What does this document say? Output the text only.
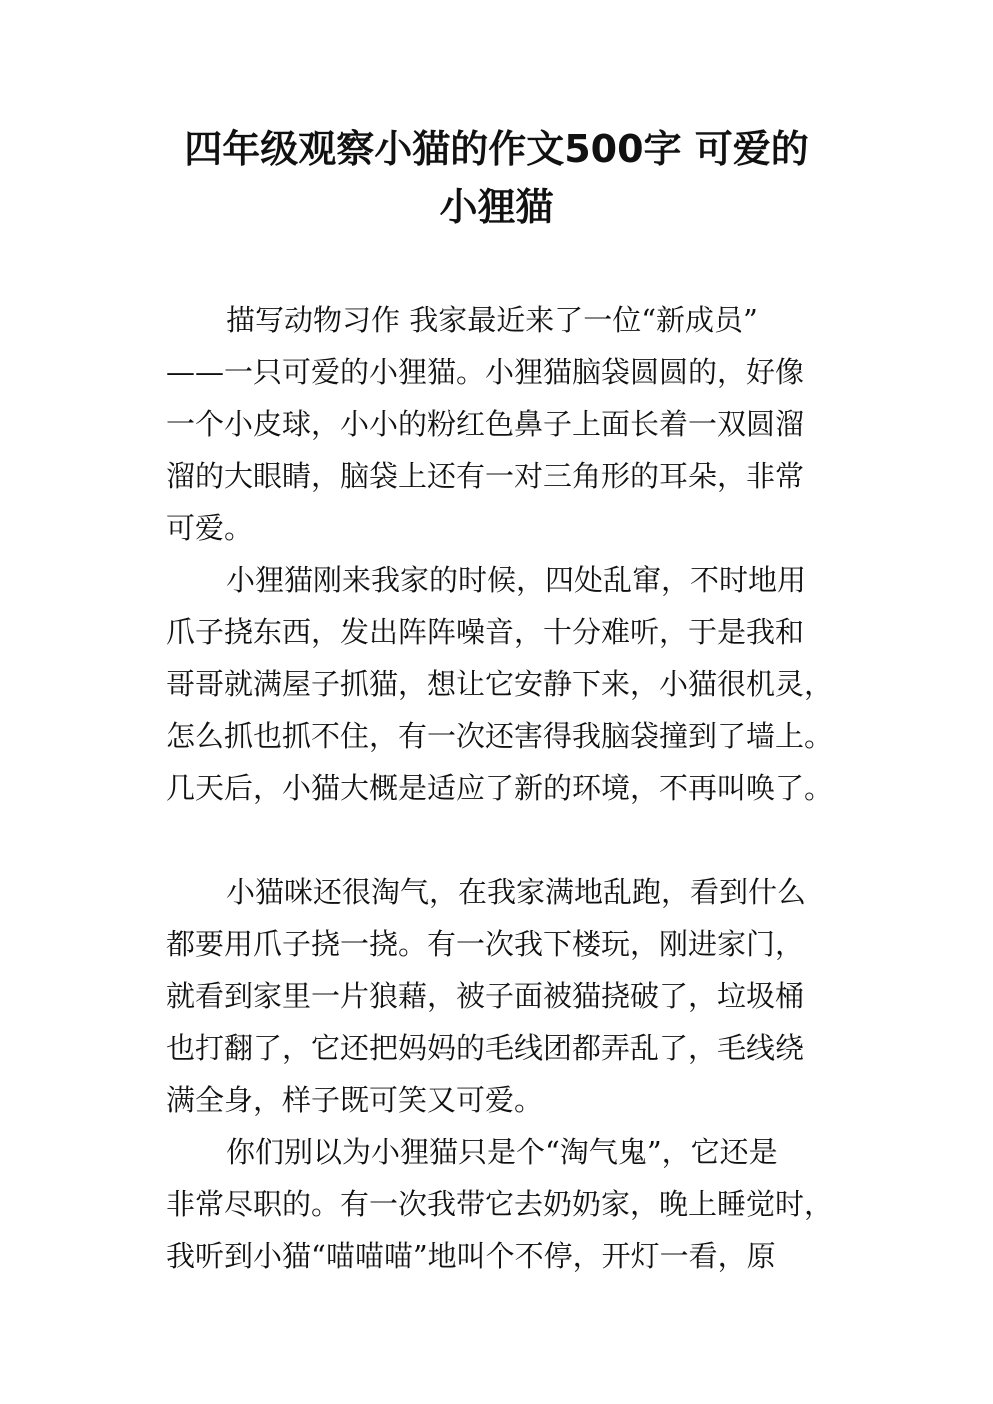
四年级观察小猫的作文500字 可爱的
小狸猫
描写动物习作 我家最近来了一位“新成员”
——一只可爱的小狸猫。小狸猫脑袋圆圆的，好像
一个小皮球，小小的粉红色鼻子上面长着一双圆溜
溜的大眼睛，脑袋上还有一对三角形的耳朵，非常
可爱。
小狸猫刚来我家的时候，四处乱窜，不时地用
爪子挠东西，发出阵阵噪音，十分难听，于是我和
哥哥就满屋子抓猫，想让它安静下来，小猫很机灵，
怎么抓也抓不住，有一次还害得我脑袋撞到了墙上。
几天后，小猫大概是适应了新的环境，不再叫唤了。
小猫咪还很淘气，在我家满地乱跑，看到什么
都要用爪子挠一挠。有一次我下楼玩，刚进家门，
就看到家里一片狼藉，被子面被猫挠破了，垃圾桶
也打翻了，它还把妈妈的毛线团都弄乱了，毛线绕
满全身，样子既可笑又可爱。
你们别以为小狸猫只是个“淘气鬼”，它还是
非常尽职的。有一次我带它去奶奶家，晚上睡觉时，
我听到小猫“喵喵喵”地叫个不停，开灯一看，原
